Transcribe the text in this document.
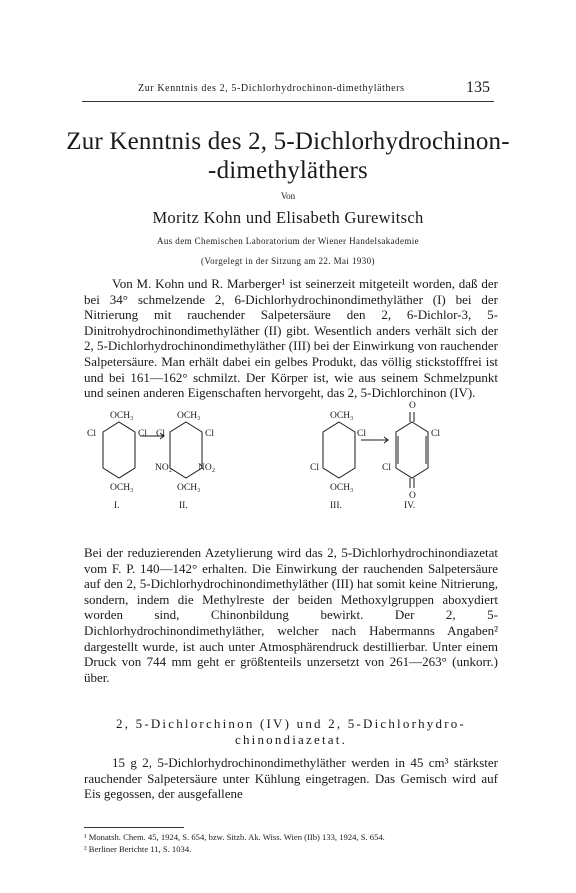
Zur Kenntnis des 2, 5-Dichlorhydrochinon-dimethyläthers	135
Zur Kenntnis des 2, 5-Dichlorhydrochinon-
-dimethyläthers
Von
Moritz Kohn und Elisabeth Gurewitsch
Aus dem Chemischen Laboratorium der Wiener Handelsakademie
(Vorgelegt in der Sitzung am 22. Mai 1930)

Von M. Kohn und R. Marberger¹ ist seinerzeit mitgeteilt worden, daß der bei 34° schmelzende 2, 6-Dichlorhydrochinondimethyläther (I) bei der Nitrierung mit rauchender Salpetersäure den 2, 6-Dichlor-3, 5-Dinitrohydrochinondimethyläther (II) gibt. Wesentlich anders verhält sich der 2, 5-Dichlorhydrochinondimethyläther (III) bei der Einwirkung von rauchender Salpetersäure. Man erhält dabei ein gelbes Produkt, das völlig stickstofffrei ist und bei 161—162° schmilzt. Der Körper ist, wie aus seinem Schmelzpunkt und seinen anderen Eigenschaften hervorgeht, das 2, 5-Dichlorchinon (IV).

OCH₃
Cl	Cl
OCH₃
I.
OCH₃
Cl	Cl
NO₂	NO₂
OCH₃
II.
OCH₃
Cl
Cl
OCH₃
III.
O
Cl
Cl
O
IV.

Bei der reduzierenden Azetylierung wird das 2, 5-Dichlorhydrochinondiazetat vom F. P. 140—142° erhalten. Die Einwirkung der rauchenden Salpetersäure auf den 2, 5-Dichlorhydrochinondimethyläther (III) hat somit keine Nitrierung, sondern, indem die Methylreste der beiden Methoxylgruppen aboxydiert worden sind, Chinonbildung bewirkt. Der 2, 5-Dichlorhydrochinondimethyläther, welcher nach Habermanns Angaben² dargestellt wurde, ist auch unter Atmosphärendruck destillierbar. Unter einem Druck von 744 mm geht er größtenteils unzersetzt von 261—263° (unkorr.) über.

2, 5-Dichlorchinon (IV) und 2, 5-Dichlorhydro-
chinondiazetat.

15 g 2, 5-Dichlorhydrochinondimethyläther werden in 45 cm³ stärkster rauchender Salpetersäure unter Kühlung eingetragen. Das Gemisch wird auf Eis gegossen, der ausgefallene

¹ Monatsh. Chem. 45, 1924, S. 654, bzw. Sitzb. Ak. Wiss. Wien (IIb) 133, 1924, S. 654.
² Berliner Berichte 11, S. 1034.
